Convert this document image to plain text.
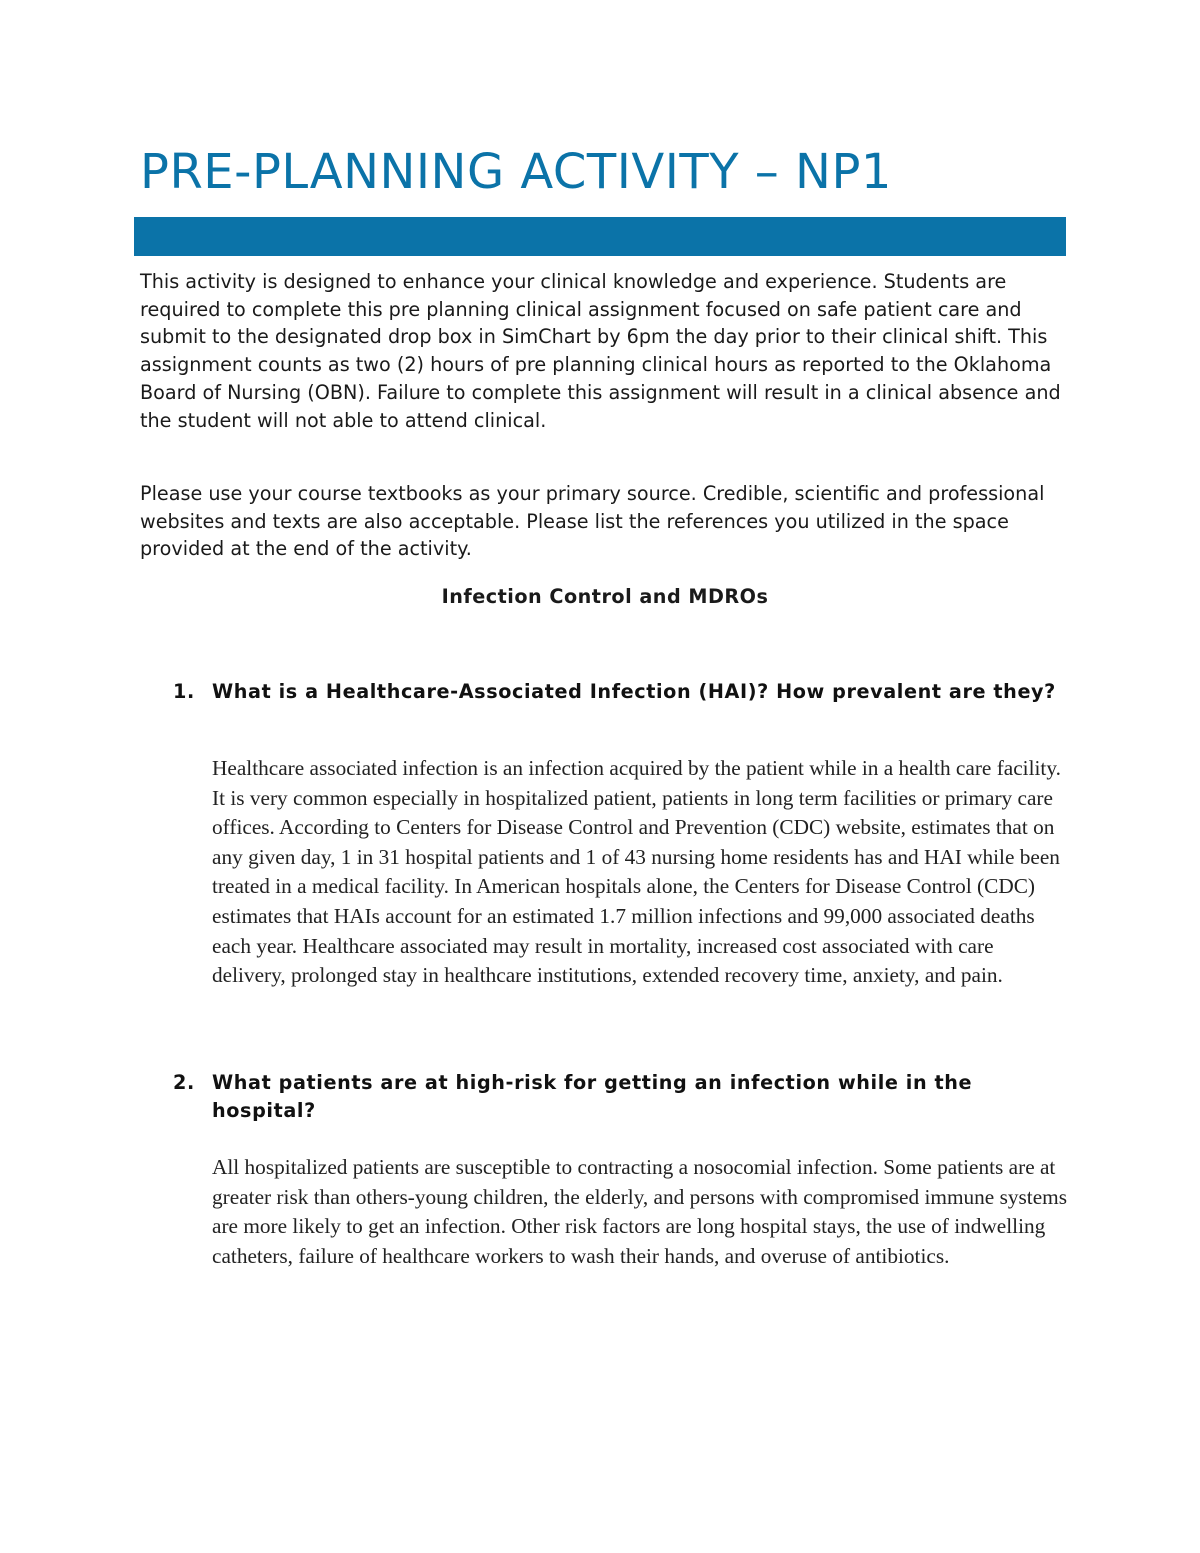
PRE-PLANNING ACTIVITY – NP1

This activity is designed to enhance your clinical knowledge and experience. Students are required to complete this pre planning clinical assignment focused on safe patient care and submit to the designated drop box in SimChart by 6pm the day prior to their clinical shift. This assignment counts as two (2) hours of pre planning clinical hours as reported to the Oklahoma Board of Nursing (OBN). Failure to complete this assignment will result in a clinical absence and the student will not able to attend clinical.

Please use your course textbooks as your primary source. Credible, scientific and professional websites and texts are also acceptable. Please list the references you utilized in the space provided at the end of the activity.

Infection Control and MDROs
1. What is a Healthcare-Associated Infection (HAI)? How prevalent are they?

Healthcare associated infection is an infection acquired by the patient while in a health care facility. It is very common especially in hospitalized patient, patients in long term facilities or primary care offices. According to Centers for Disease Control and Prevention (CDC) website, estimates that on any given day, 1 in 31 hospital patients and 1 of 43 nursing home residents has and HAI while been treated in a medical facility. In American hospitals alone, the Centers for Disease Control (CDC) estimates that HAIs account for an estimated 1.7 million infections and 99,000 associated deaths each year. Healthcare associated may result in mortality, increased cost associated with care delivery, prolonged stay in healthcare institutions, extended recovery time, anxiety, and pain.

2. What patients are at high-risk for getting an infection while in the hospital?

All hospitalized patients are susceptible to contracting a nosocomial infection. Some patients are at greater risk than others-young children, the elderly, and persons with compromised immune systems are more likely to get an infection. Other risk factors are long hospital stays, the use of indwelling catheters, failure of healthcare workers to wash their hands, and overuse of antibiotics.
